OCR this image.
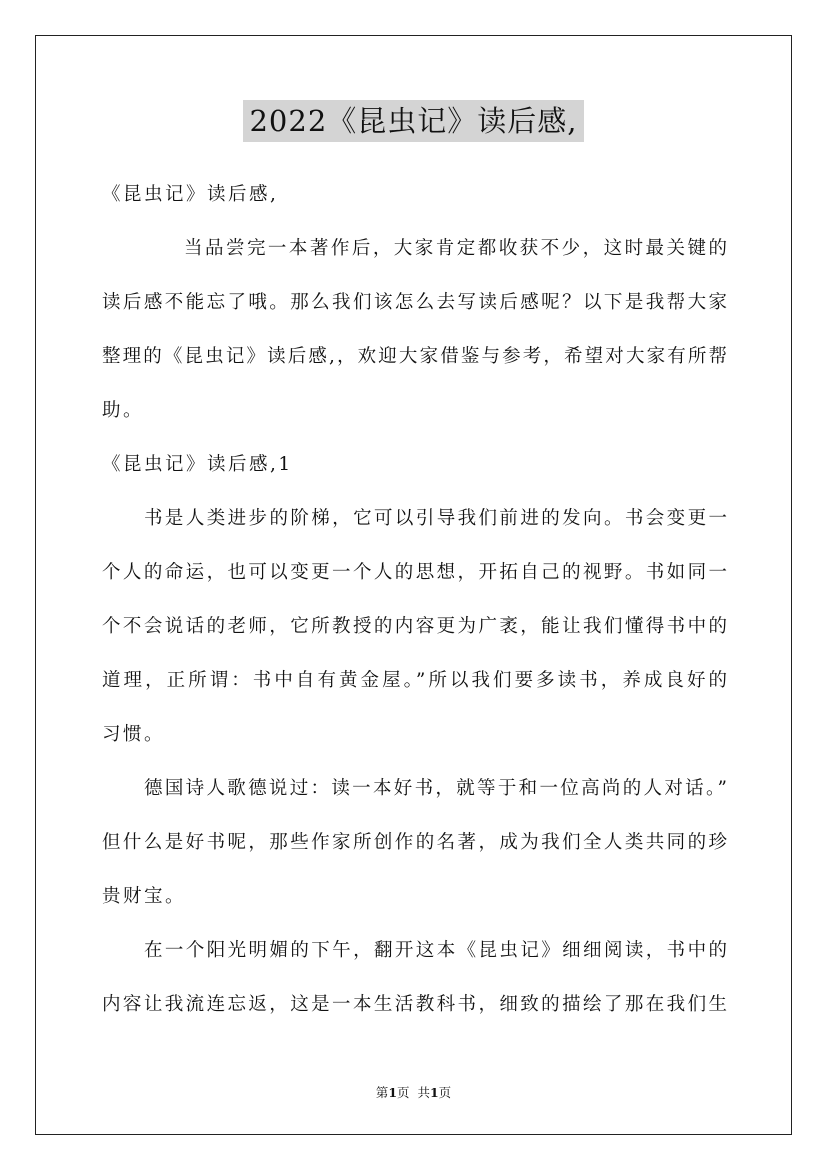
2022《昆虫记》读后感,
《昆虫记》读后感,
当品尝完一本著作后，大家肯定都收获不少，这时最关键的
读后感不能忘了哦。那么我们该怎么去写读后感呢？以下是我帮大家
整理的《昆虫记》读后感,，欢迎大家借鉴与参考，希望对大家有所帮
助。
《昆虫记》读后感,1
书是人类进步的阶梯，它可以引导我们前进的发向。书会变更一
个人的命运，也可以变更一个人的思想，开拓自己的视野。书如同一
个不会说话的老师，它所教授的内容更为广袤，能让我们懂得书中的
道理，正所谓：书中自有黄金屋。”所以我们要多读书，养成良好的
习惯。
德国诗人歌德说过：读一本好书，就等于和一位高尚的人对话。”
但什么是好书呢，那些作家所创作的名著，成为我们全人类共同的珍
贵财宝。
在一个阳光明媚的下午，翻开这本《昆虫记》细细阅读，书中的
内容让我流连忘返，这是一本生活教科书，细致的描绘了那在我们生
第1页  共1页
